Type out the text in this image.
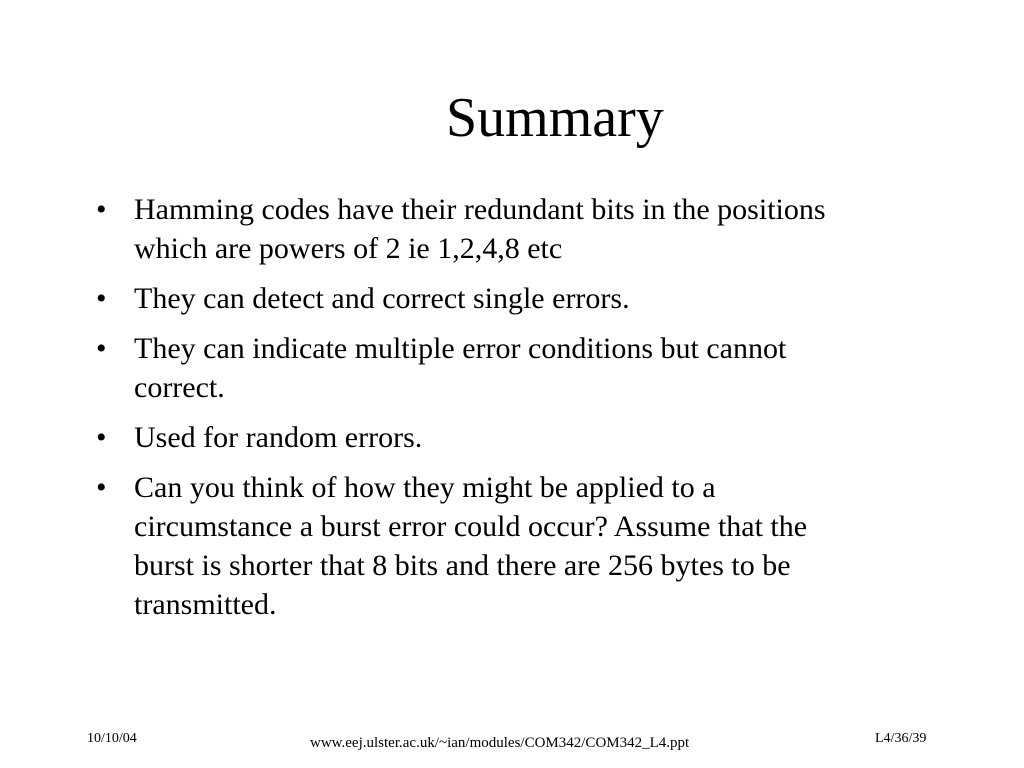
Summary
• Hamming codes have their redundant bits in the positions
which are powers of 2 ie 1,2,4,8 etc
• They can detect and correct single errors.
• They can indicate multiple error conditions but cannot
correct.
• Used for random errors.
• Can you think of how they might be applied to a
circumstance a burst error could occur? Assume that the
burst is shorter that 8 bits and there are 256 bytes to be
transmitted.
10/10/04	www.eej.ulster.ac.uk/~ian/modules/COM342/COM342_L4.ppt	L4/36/39
